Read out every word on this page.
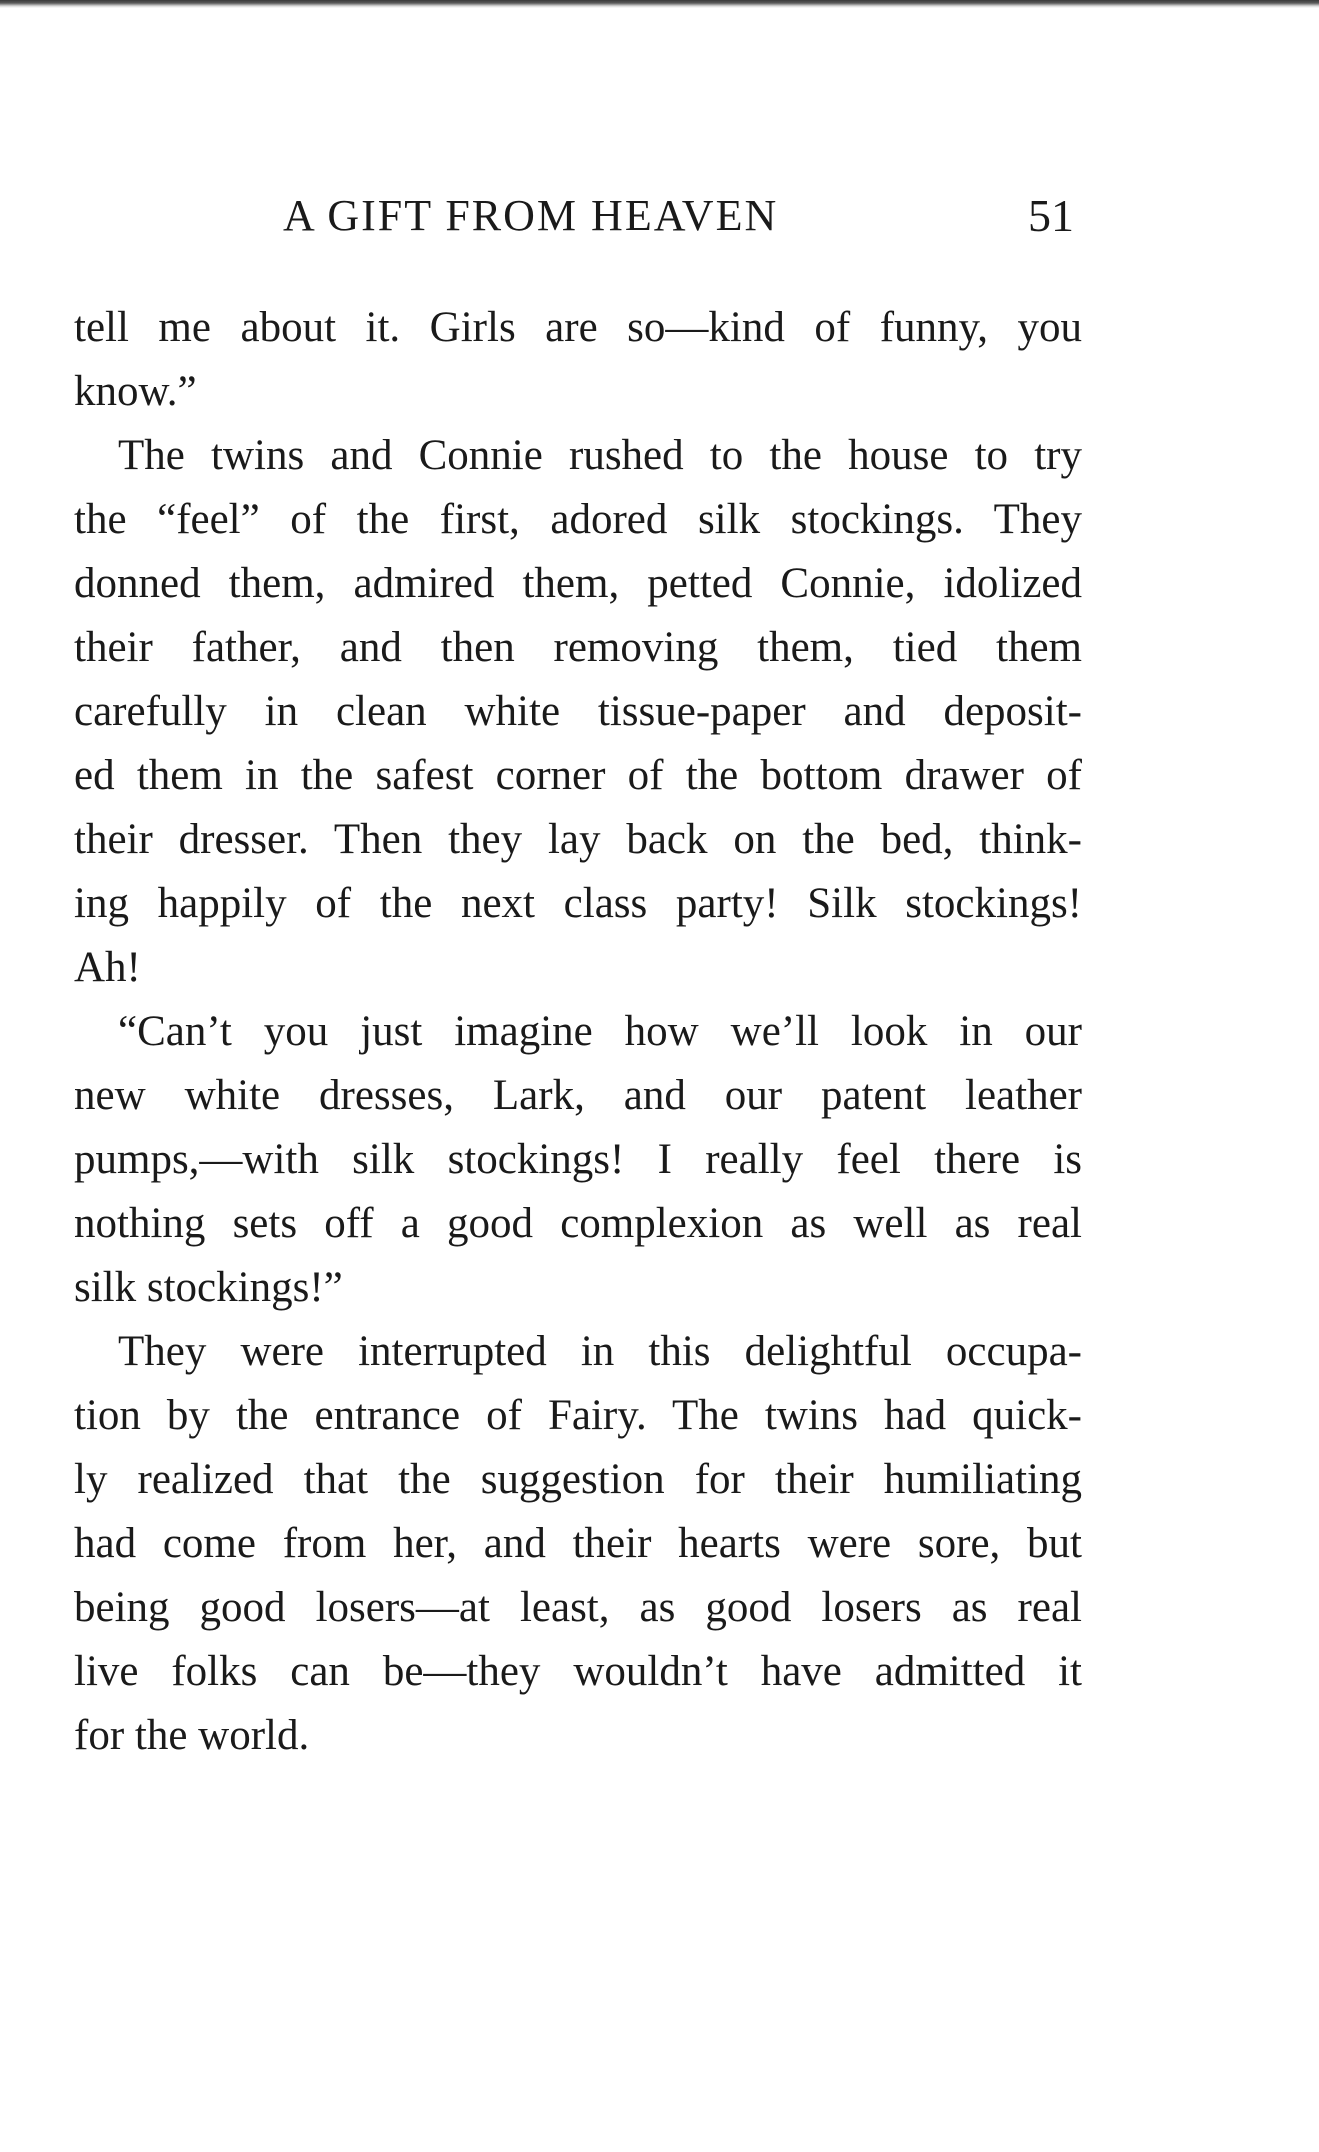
A GIFT FROM HEAVEN	51
tell me about it. Girls are so—kind of funny, you
know.”
The twins and Connie rushed to the house to try
the “feel” of the first, adored silk stockings. They
donned them, admired them, petted Connie, idolized
their father, and then removing them, tied them
carefully in clean white tissue-paper and deposit-
ed them in the safest corner of the bottom drawer of
their dresser. Then they lay back on the bed, think-
ing happily of the next class party! Silk stockings!
Ah!
“Can’t you just imagine how we’ll look in our
new white dresses, Lark, and our patent leather
pumps,—with silk stockings! I really feel there is
nothing sets off a good complexion as well as real
silk stockings!”
They were interrupted in this delightful occupa-
tion by the entrance of Fairy. The twins had quick-
ly realized that the suggestion for their humiliating
had come from her, and their hearts were sore, but
being good losers—at least, as good losers as real
live folks can be—they wouldn’t have admitted it
for the world.
